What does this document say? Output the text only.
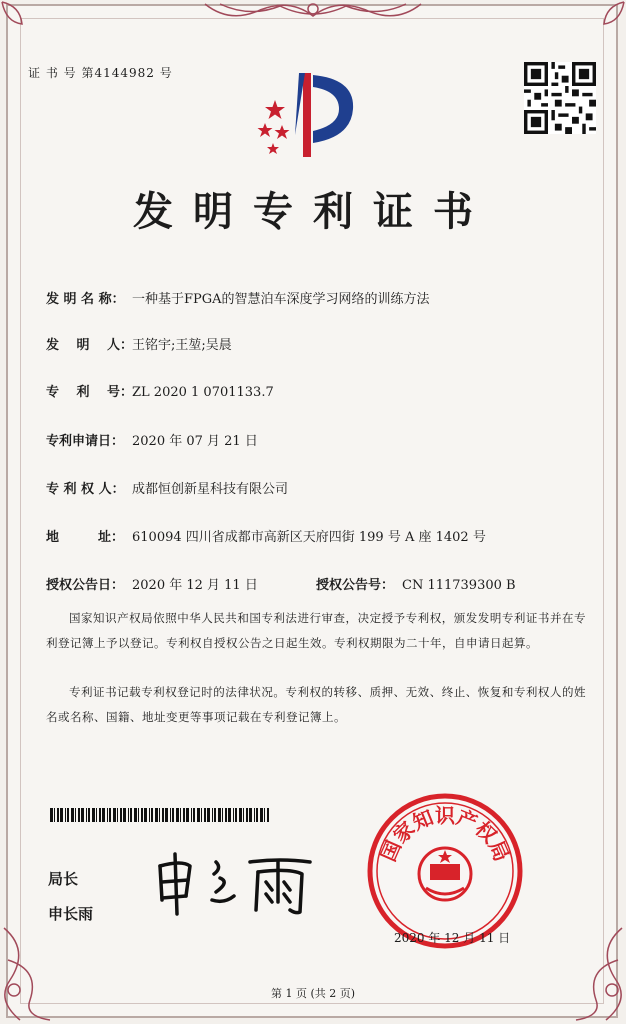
证 书 号 第4144982 号
发明专利证书
发 明 名 称： 一种基于FPGA的智慧泊车深度学习网络的训练方法
发　 明 　人：王铭宇;王堃;吴晨
专　 利　 号：ZL 2020 1 0701133.7
专利申请日： 2020 年 07 月 21 日
专 利 权 人： 成都恒创新星科技有限公司
地　　　址： 610094 四川省成都市高新区天府四街 199 号 A 座 1402 号
授权公告日： 2020 年 12 月 11 日	授权公告号： CN 111739300 B
国家知识产权局依照中华人民共和国专利法进行审查，决定授予专利权，颁发发明专利证书并在专利登记簿上予以登记。专利权自授权公告之日起生效。专利权期限为二十年，自申请日起算。
专利证书记载专利权登记时的法律状况。专利权的转移、质押、无效、终止、恢复和专利权人的姓名或名称、国籍、地址变更等事项记载在专利登记簿上。
局长
申长雨
国家知识产权局
2020 年 12 月 11 日
第 1 页 (共 2 页)
